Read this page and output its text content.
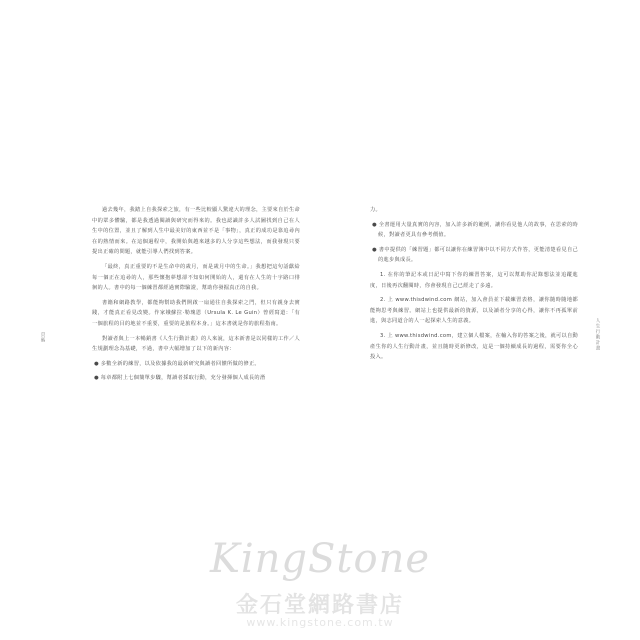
過去幾年，我踏上自我探索之旅，有一些比較顯人驚違大的理念，主要來自於生命中的眾多體驗，都是我透過閱讀與研究而得來的。我也認識許多人試圖找到自己在人生中的位置，並且了解到人生中最美好的東西並不是「事物」，真正的成功是靠追尋內在的熱情而來。在這個過程中，我開始與越來越多的人分享這些想法，而我發現只要提出正確的問題，就能引導人們找到答案。

「最終，真正重要的不是生命中的歲月，而是歲月中的生命。」我想把這句話獻給每一個正在追尋的人，那些懷抱夢想卻不知如何開始的人，還有在人生的十字路口徘徊的人。書中的每一個練習都經過實際驗證，幫助你發掘真正的自我。

書籍和網路教學，都能夠幫助我們開啟一扇通往自我探索之門，但只有親身去實踐，才能真正看見改變。作家娥蘇拉·勒瑰恩（Ursula K. Le Guin）曾經寫道：「有一個旅程的目的地並不重要，重要的是旅程本身。」這本書就是你的旅程指南。

對讀者與上一本暢銷書《人生行動計畫》的人來說，這本新書是以同樣的工作／人生規劃理念為基礎，不過，書中大幅增加了以下的新內容：

● 多數全新的練習，以及依據我的最新研究與讀者回饋所做的修正。

● 每章都附上七個簡單步驟，幫讀者採取行動，充分發揮個人成長的潛

頁碼

力。

● 全書運用大量真實的內容，加入許多新的範例，讓你看見他人的故事，在思索的時候，對讀者更具有參考價值。

● 書中提供的「練習題」都可以讓你在練習簿中以不同方式作答，更能清楚看見自己的進步與成長。

1. 在你的筆記本或日記中寫下你的練習答案，這可以幫助你記錄想法並追蹤進度，日後再次翻閱時，你會發現自己已經走了多遠。

2. 上 www.thisdwind.com 網站，加入會員並下載練習表格，讓你隨時隨地都能夠思考與練習。網站上也提供最新的資源，以及讀者分享的心得，讓你不再孤單前進，與志同道合的人一起探索人生的意義。

3. 上 www.thisdwind.com，建立個人檔案，在輸入你的答案之後，就可以自動產生你的人生行動計畫，並且隨時更新修改，這是一個持續成長的過程，需要你全心投入。

人生行動計畫
KingStone
金石堂網路書店
www.kingstone.com.tw
